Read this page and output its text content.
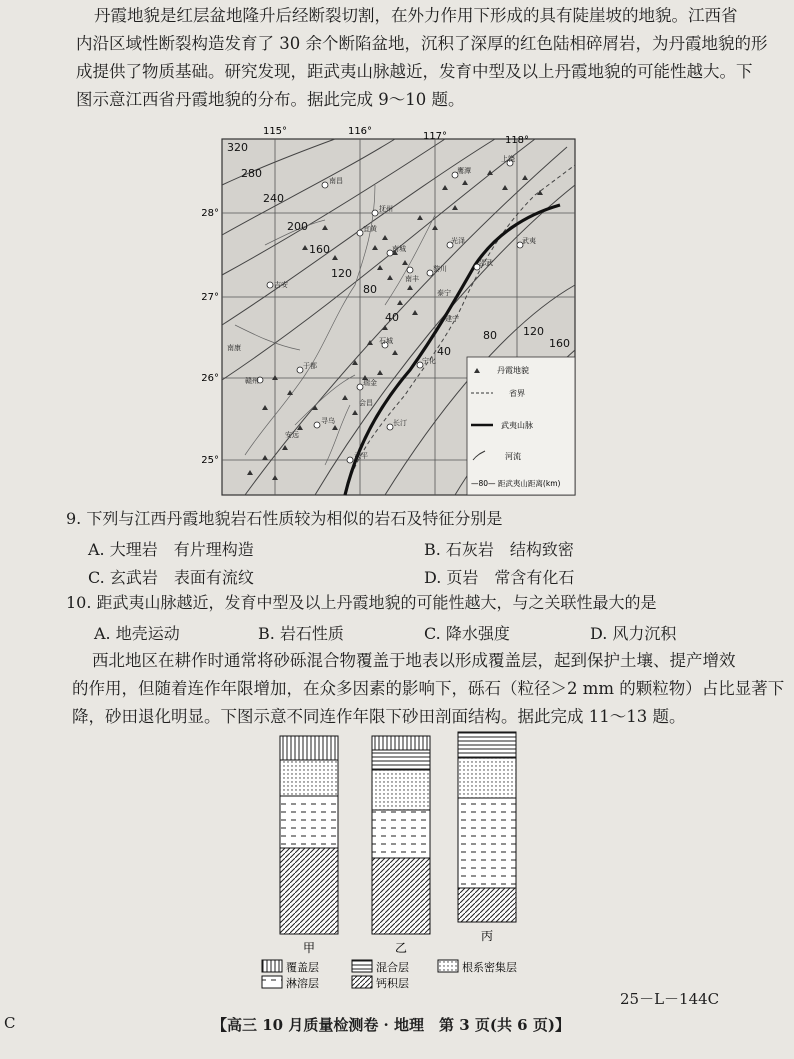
丹霞地貌是红层盆地隆升后经断裂切割，在外力作用下形成的具有陡崖坡的地貌。江西省
内沿区域性断裂构造发育了 30 余个断陷盆地，沉积了深厚的红色陆相碎屑岩，为丹霞地貌的形
成提供了物质基础。研究发现，距武夷山脉越近，发育中型及以上丹霞地貌的可能性越大。下
图示意江西省丹霞地貌的分布。据此完成 9～10 题。
115°	116°	117°	118°
28°
27°
26°
25°
320
280
240
200
160
120
80
40
40
80 120
160
南昌
鹰潭
抚州
宜黄
南城
吉安
南丰
黎川
光泽
邵武
武夷
上饶
赣州	瑞金
石城
宁化
建宁
泰宁
长汀
于都
会昌
寻乌
武平
安远
南康
丹霞地貌
省界
武夷山脉
河流
—80— 距武夷山距离(km)
9. 下列与江西丹霞地貌岩石性质较为相似的岩石及特征分别是
A. 大理岩　有片理构造	B. 石灰岩　结构致密
C. 玄武岩　表面有流纹	D. 页岩　常含有化石
10. 距武夷山脉越近，发育中型及以上丹霞地貌的可能性越大，与之关联性最大的是
A. 地壳运动	B. 岩石性质	C. 降水强度	D. 风力沉积
西北地区在耕作时通常将砂砾混合物覆盖于地表以形成覆盖层，起到保护土壤、提产增效
的作用，但随着连作年限增加，在众多因素的影响下，砾石（粒径＞2 mm 的颗粒物）占比显著下
降，砂田退化明显。下图示意不同连作年限下砂田剖面结构。据此完成 11～13 题。
甲	乙
丙
覆盖层	混合层	根系密集层
淋溶层	钙积层
C	【高三 10 月质量检测卷 · 地理　第 3 页(共 6 页)】
25－L－144C
